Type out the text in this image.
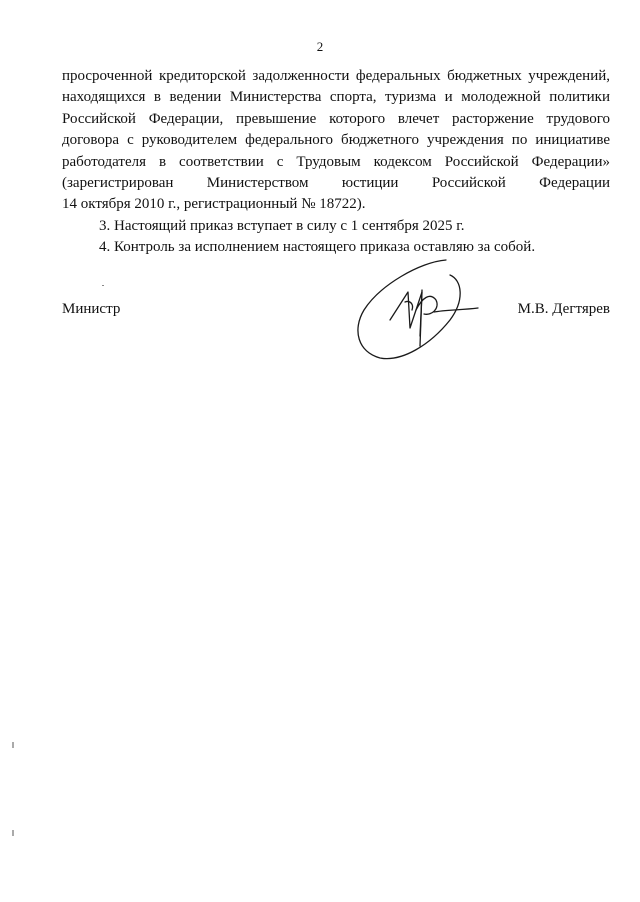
2
просроченной кредиторской задолженности федеральных бюджетных учреждений,
находящихся в ведении Министерства спорта, туризма и молодежной политики
Российской Федерации, превышение которого влечет расторжение трудового
договора с руководителем федерального бюджетного учреждения по инициативе
работодателя в соответствии с Трудовым кодексом Российской Федерации»
(зарегистрирован Министерством юстиции Российской Федерации
14 октября 2010 г., регистрационный № 18722).
3. Настоящий приказ вступает в силу с 1 сентября 2025 г.
4. Контроль за исполнением настоящего приказа оставляю за собой.
Министр	М.В. Дегтярев
